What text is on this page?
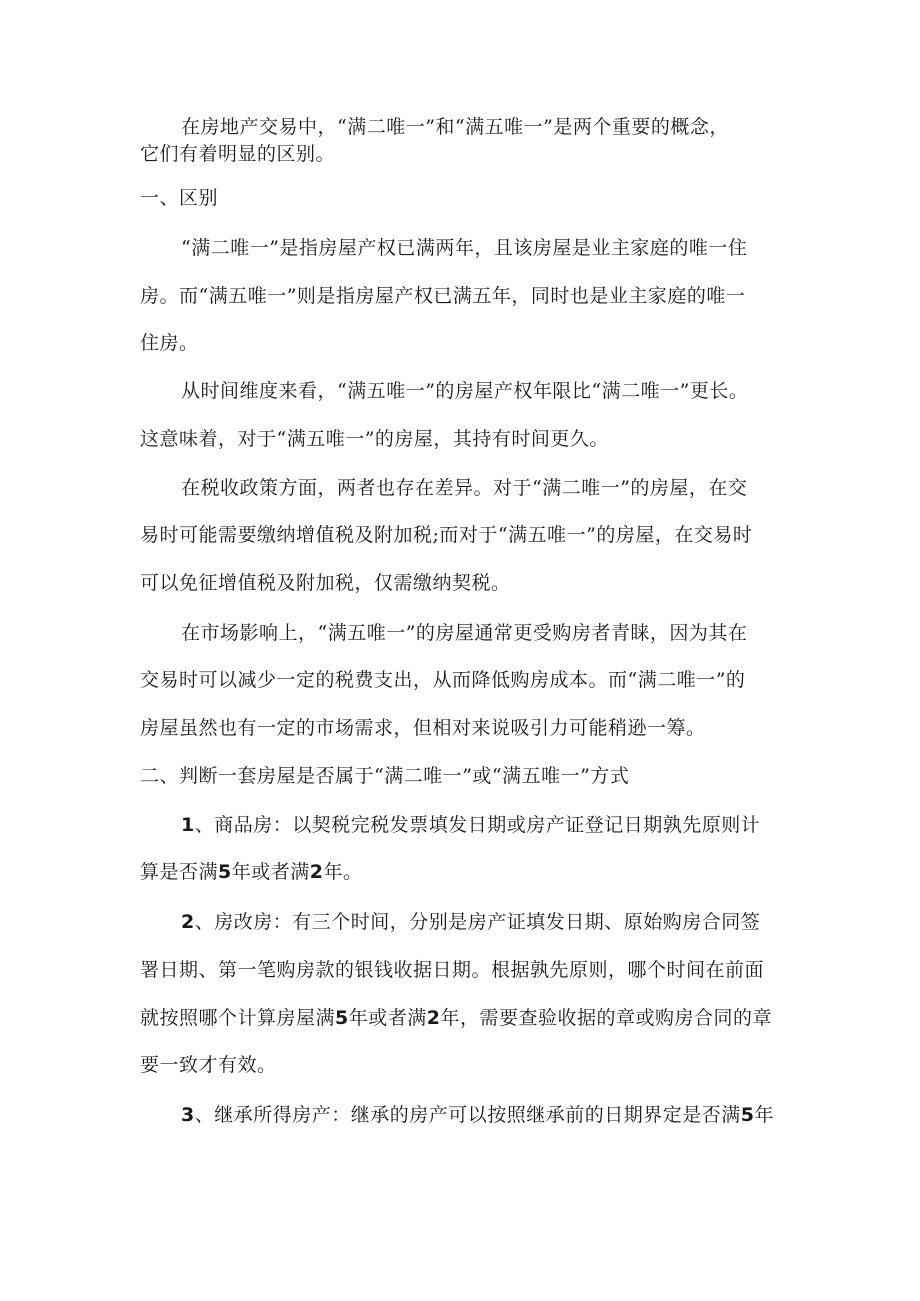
在房地产交易中，“满二唯一”和“满五唯一”是两个重要的概念，
它们有着明显的区别。
一、区别
“满二唯一”是指房屋产权已满两年，且该房屋是业主家庭的唯一住
房。而“满五唯一”则是指房屋产权已满五年，同时也是业主家庭的唯一
住房。
从时间维度来看，“满五唯一”的房屋产权年限比“满二唯一”更长。
这意味着，对于“满五唯一”的房屋，其持有时间更久。
在税收政策方面，两者也存在差异。对于“满二唯一”的房屋，在交
易时可能需要缴纳增值税及附加税;而对于“满五唯一”的房屋，在交易时
可以免征增值税及附加税，仅需缴纳契税。
在市场影响上，“满五唯一”的房屋通常更受购房者青睐，因为其在
交易时可以减少一定的税费支出，从而降低购房成本。而“满二唯一”的
房屋虽然也有一定的市场需求，但相对来说吸引力可能稍逊一筹。
二、判断一套房屋是否属于“满二唯一”或“满五唯一”方式
1、商品房：以契税完税发票填发日期或房产证登记日期孰先原则计
算是否满5年或者满2年。
2、房改房：有三个时间，分别是房产证填发日期、原始购房合同签
署日期、第一笔购房款的银钱收据日期。根据孰先原则，哪个时间在前面
就按照哪个计算房屋满5年或者满2年，需要查验收据的章或购房合同的章
要一致才有效。
3、继承所得房产：继承的房产可以按照继承前的日期界定是否满5年
